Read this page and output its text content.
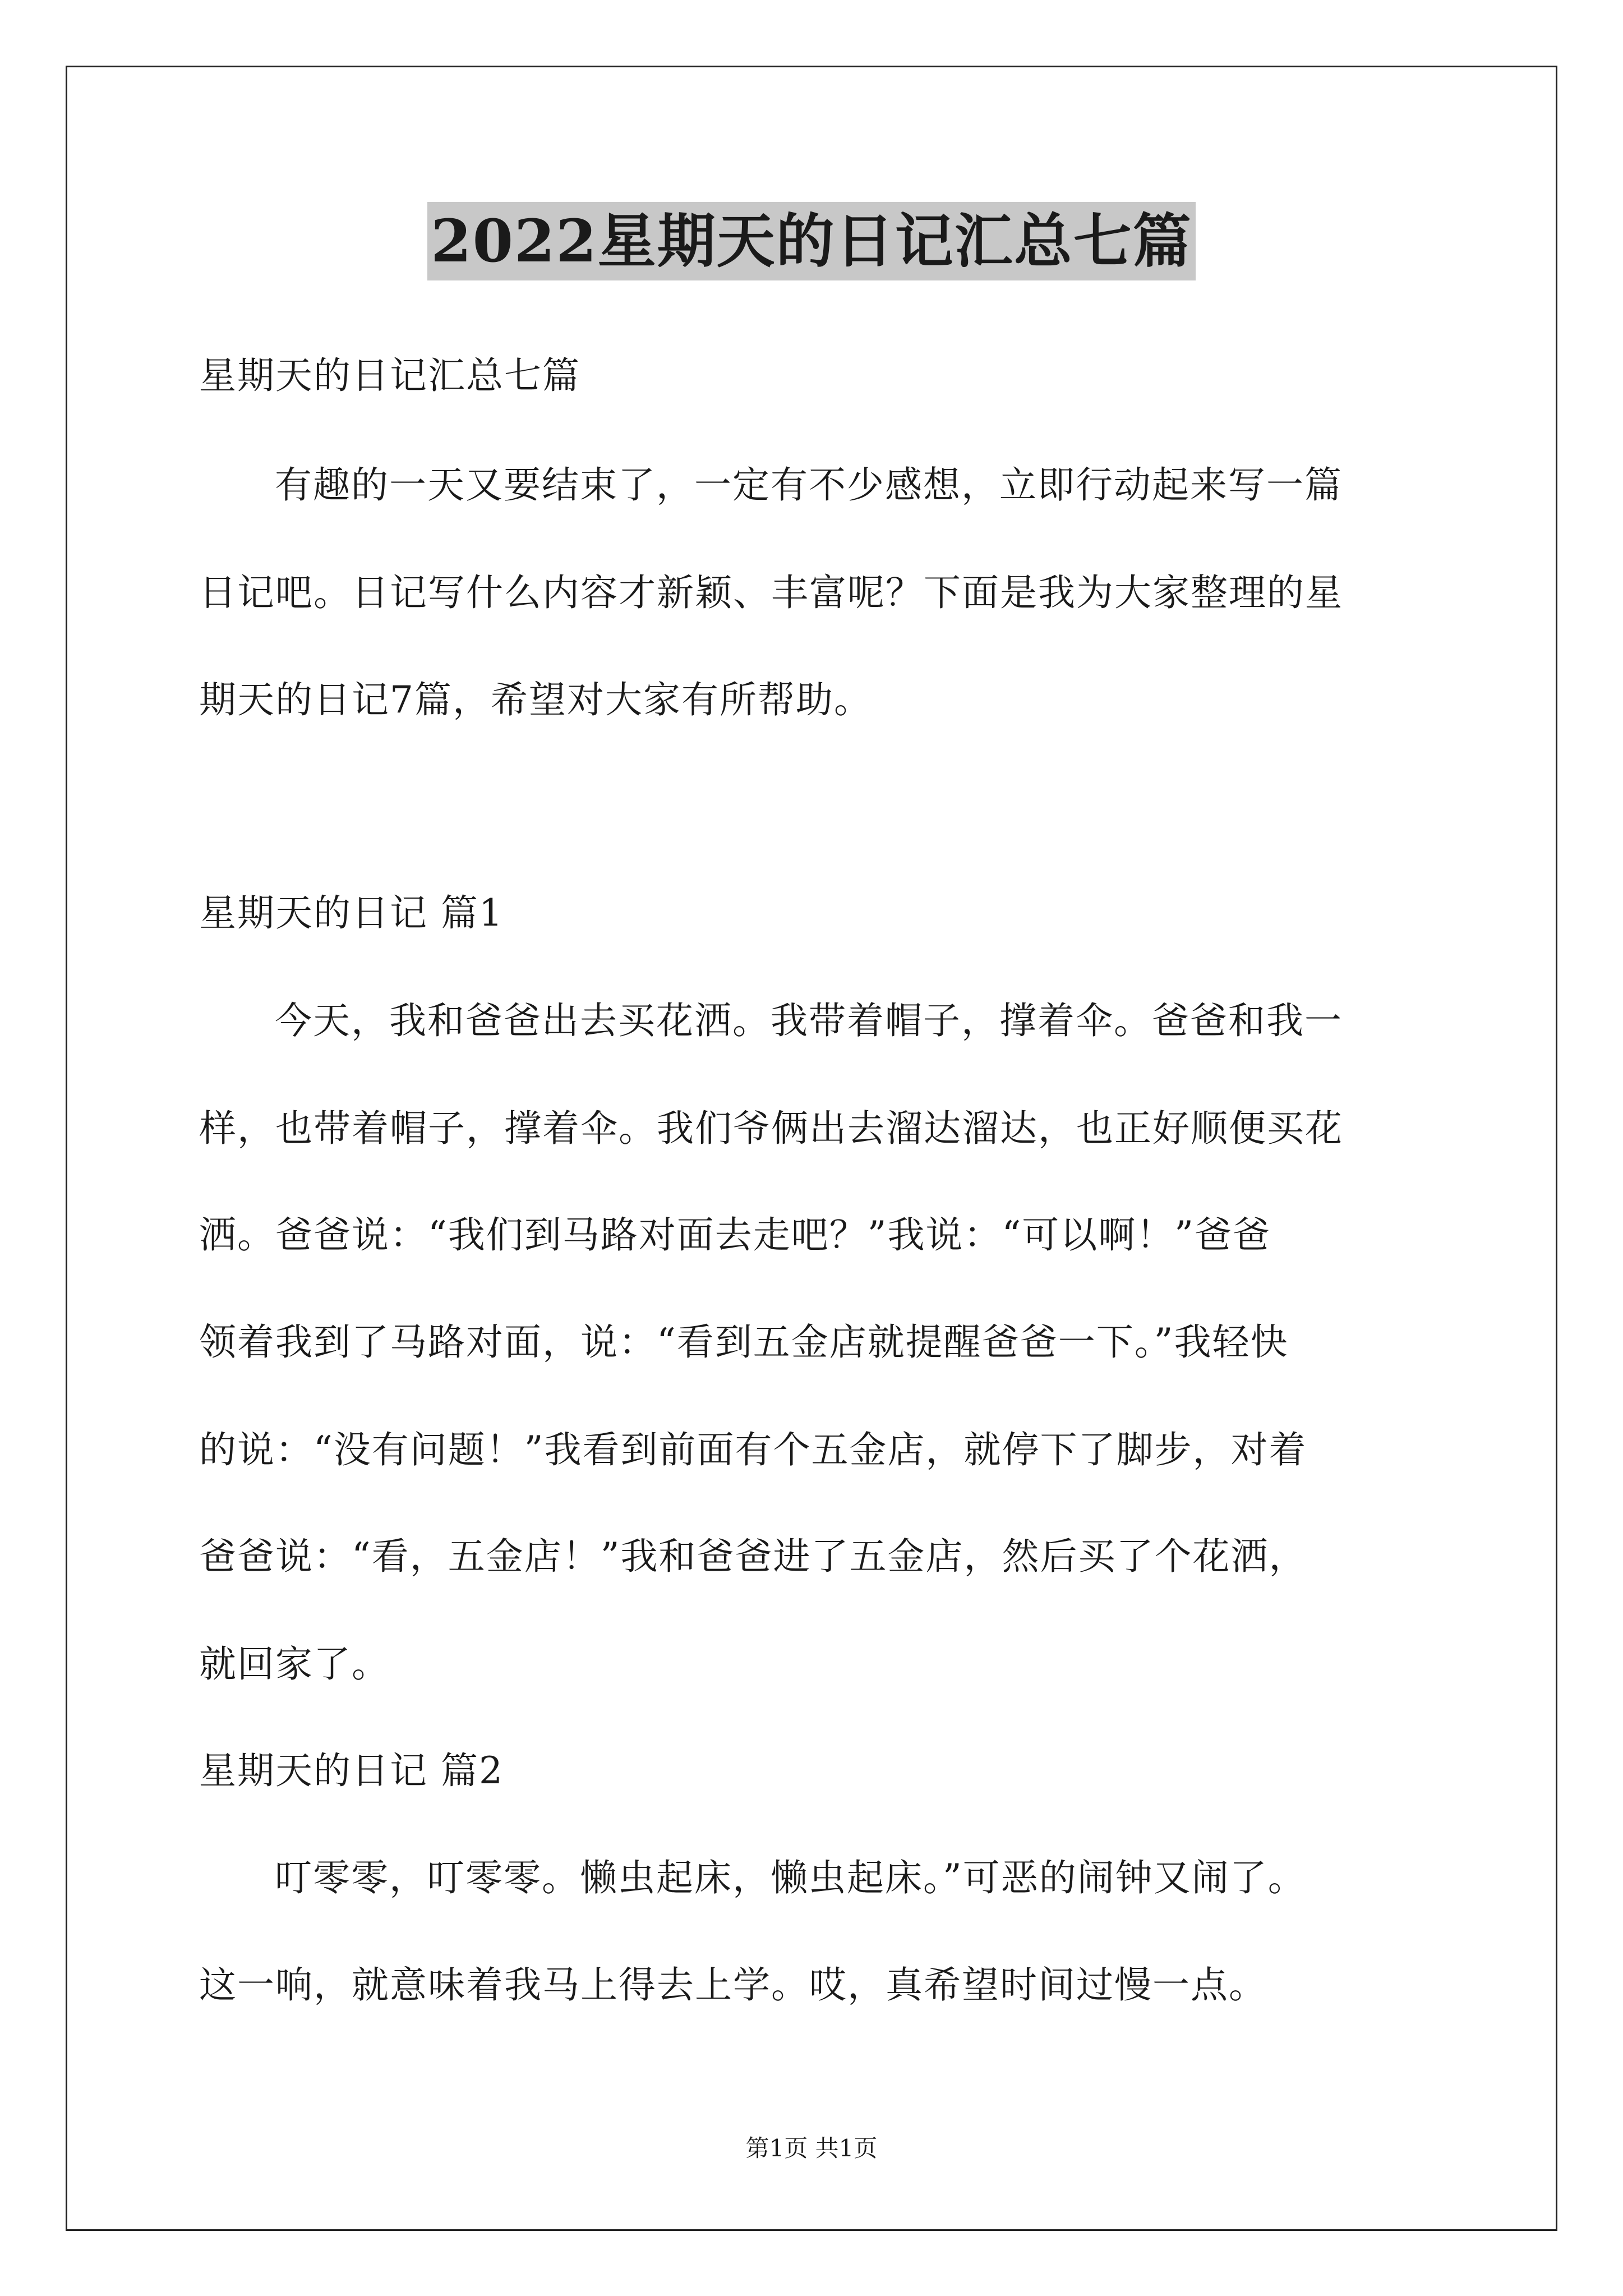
2022星期天的日记汇总七篇
星期天的日记汇总七篇
有趣的一天又要结束了，一定有不少感想，立即行动起来写一篇
日记吧。日记写什么内容才新颖、丰富呢？下面是我为大家整理的星
期天的日记7篇，希望对大家有所帮助。
星期天的日记 篇1
今天，我和爸爸出去买花洒。我带着帽子，撑着伞。爸爸和我一
样，也带着帽子，撑着伞。我们爷俩出去溜达溜达，也正好顺便买花
洒。爸爸说：“我们到马路对面去走吧？”我说：“可以啊！”爸爸
领着我到了马路对面，说：“看到五金店就提醒爸爸一下。”我轻快
的说：“没有问题！”我看到前面有个五金店，就停下了脚步，对着
爸爸说：“看，五金店！”我和爸爸进了五金店，然后买了个花洒，
就回家了。
星期天的日记 篇2
叮零零，叮零零。懒虫起床，懒虫起床。”可恶的闹钟又闹了。
这一响，就意味着我马上得去上学。哎，真希望时间过慢一点。
第1页 共1页
